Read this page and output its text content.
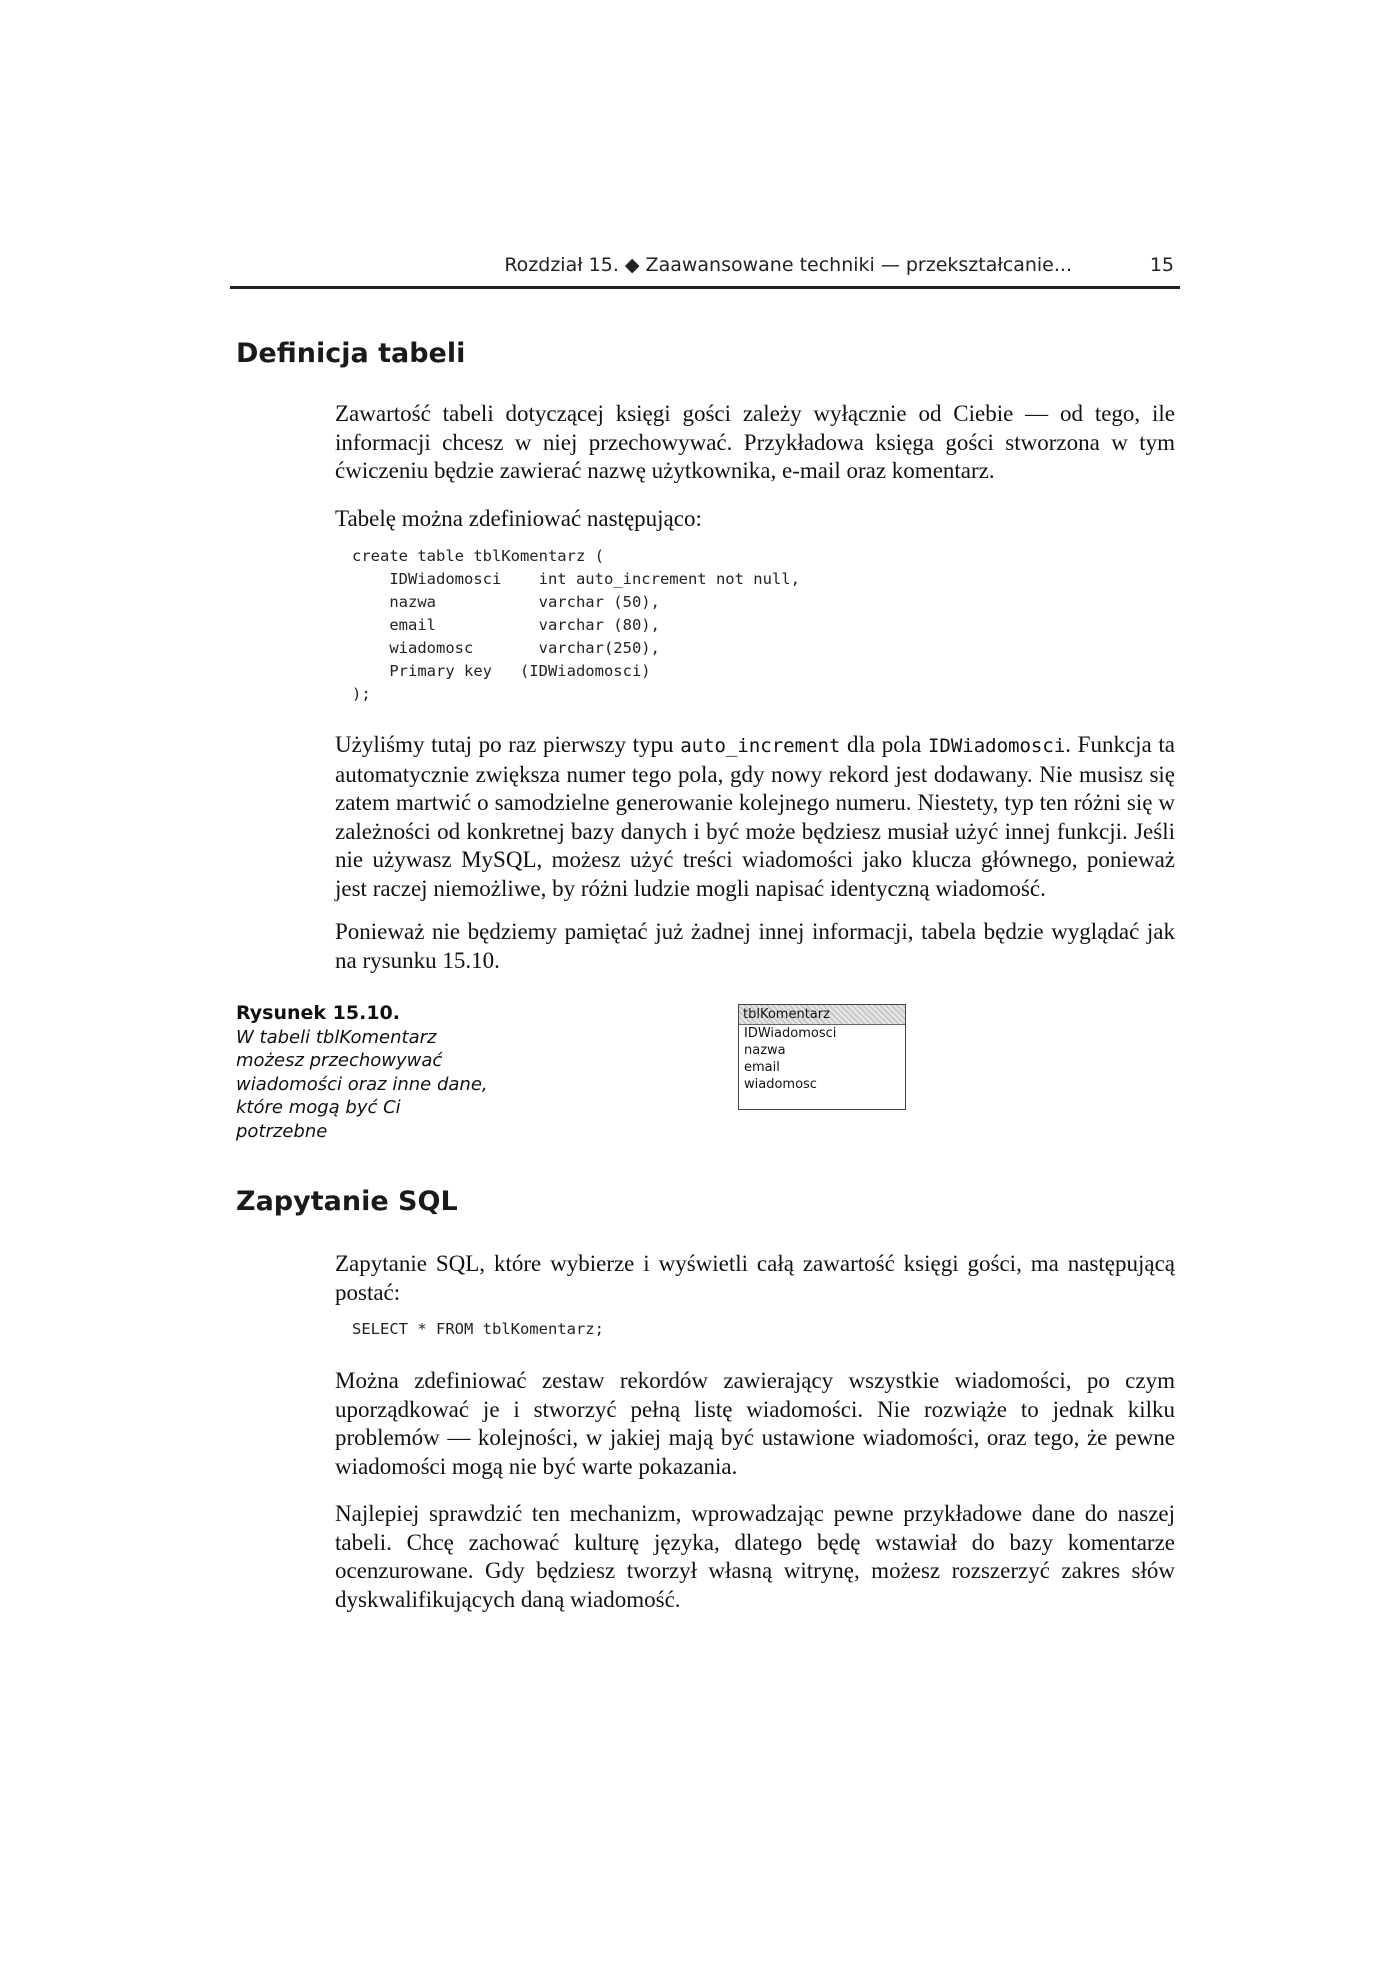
Rozdział 15. ◆ Zaawansowane techniki — przekształcanie...	15
Definicja tabeli

Zawartość tabeli dotyczącej księgi gości zależy wyłącznie od Ciebie — od tego, ile informacji chcesz w niej przechowywać. Przykładowa księga gości stworzona w tym ćwiczeniu będzie zawierać nazwę użytkownika, e-mail oraz komentarz.

Tabelę można zdefiniować następująco:

create table tblKomentarz (
IDWiadomosci    int auto_increment not null,
nazwa           varchar (50),
email           varchar (80),
wiadomosc       varchar(250),
Primary key   (IDWiadomosci)
);

Użyliśmy tutaj po raz pierwszy typu auto_increment dla pola IDWiadomosci. Funkcja ta automatycznie zwiększa numer tego pola, gdy nowy rekord jest dodawany. Nie musisz się zatem martwić o samodzielne generowanie kolejnego numeru. Niestety, typ ten różni się w zależności od konkretnej bazy danych i być może będziesz musiał użyć innej funkcji. Jeśli nie używasz MySQL, możesz użyć treści wiadomości jako klucza głównego, ponieważ jest raczej niemożliwe, by różni ludzie mogli napisać identyczną wiadomość.

Ponieważ nie będziemy pamiętać już żadnej innej informacji, tabela będzie wyglądać jak na rysunku 15.10.

Rysunek 15.10.
W tabeli tblKomentarz możesz przechowywać wiadomości oraz inne dane, które mogą być Ci potrzebne
tblKomentarz
IDWiadomosci
nazwa
email
wiadomosc
Zapytanie SQL

Zapytanie SQL, które wybierze i wyświetli całą zawartość księgi gości, ma następującą postać:

SELECT * FROM tblKomentarz;

Można zdefiniować zestaw rekordów zawierający wszystkie wiadomości, po czym uporządkować je i stworzyć pełną listę wiadomości. Nie rozwiąże to jednak kilku problemów — kolejności, w jakiej mają być ustawione wiadomości, oraz tego, że pewne wiadomości mogą nie być warte pokazania.

Najlepiej sprawdzić ten mechanizm, wprowadzając pewne przykładowe dane do naszej tabeli. Chcę zachować kulturę języka, dlatego będę wstawiał do bazy komentarze ocenzurowane. Gdy będziesz tworzył własną witrynę, możesz rozszerzyć zakres słów dyskwalifikujących daną wiadomość.
